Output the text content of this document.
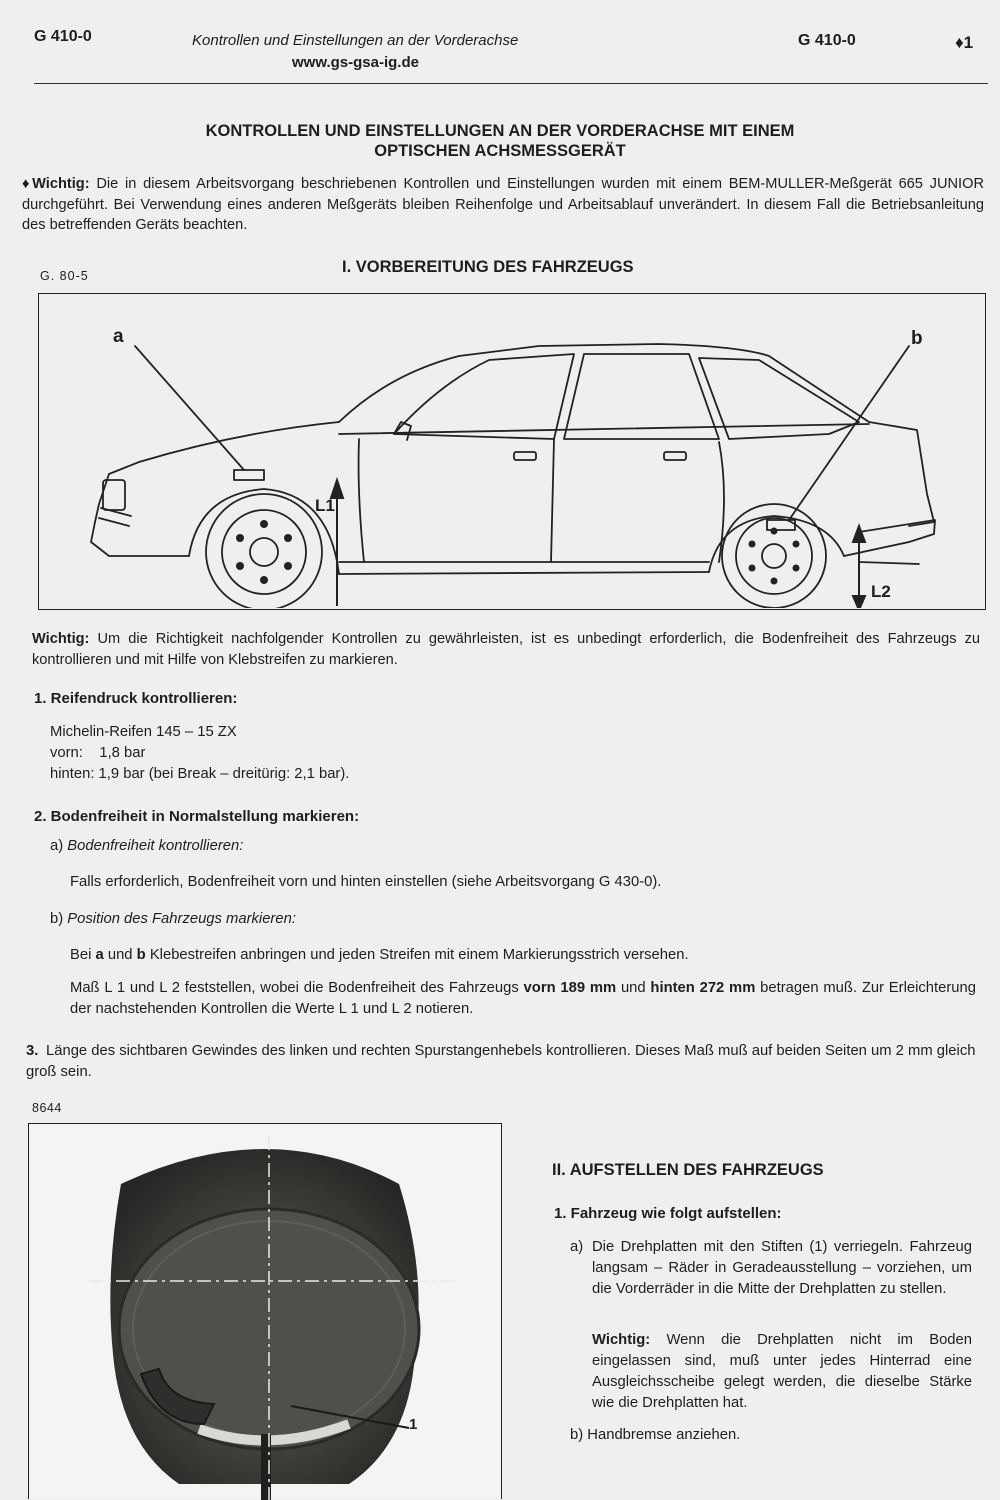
G 410-0	Kontrollen und Einstellungen an der Vorderachse	G 410-0	♦1
www.gs-gsa-ig.de
KONTROLLEN UND EINSTELLUNGEN AN DER VORDERACHSE MIT EINEM
OPTISCHEN ACHSMESSGERÄT
♦Wichtig: Die in diesem Arbeitsvorgang beschriebenen Kontrollen und Einstellungen wurden mit einem BEM-MULLER-Meßgerät 665 JUNIOR durchgeführt. Bei Verwendung eines anderen Meßgeräts bleiben Reihenfolge und Arbeitsablauf unverändert. In diesem Fall die Betriebsanleitung des betreffenden Geräts beachten.
G. 80-5	I. VORBEREITUNG DES FAHRZEUGS
a	b
L1
L2
Wichtig: Um die Richtigkeit nachfolgender Kontrollen zu gewährleisten, ist es unbedingt erforderlich, die Bodenfreiheit des Fahrzeugs zu kontrollieren und mit Hilfe von Klebstreifen zu markieren.
1. Reifendruck kontrollieren:
Michelin-Reifen 145 – 15 ZX
vorn:    1,8 bar
hinten: 1,9 bar (bei Break – dreitürig: 2,1 bar).
2. Bodenfreiheit in Normalstellung markieren:
a) Bodenfreiheit kontrollieren:
Falls erforderlich, Bodenfreiheit vorn und hinten einstellen (siehe Arbeitsvorgang G 430-0).
b) Position des Fahrzeugs markieren:
Bei a und b Klebestreifen anbringen und jeden Streifen mit einem Markierungsstrich versehen.
Maß L 1 und L 2 feststellen, wobei die Bodenfreiheit des Fahrzeugs vorn 189 mm und hinten 272 mm betragen muß. Zur Erleichterung der nachstehenden Kontrollen die Werte L 1 und L 2 notieren.
3. Länge des sichtbaren Gewindes des linken und rechten Spurstangenhebels kontrollieren. Dieses Maß muß auf beiden Seiten um 2 mm gleich groß sein.
8644
1
II. AUFSTELLEN DES FAHRZEUGS
1. Fahrzeug wie folgt aufstellen:
a) Die Drehplatten mit den Stiften (1) verriegeln. Fahrzeug langsam – Räder in Geradeausstellung – vorziehen, um die Vorderräder in die Mitte der Drehplatten zu stellen.
Wichtig: Wenn die Drehplatten nicht im Boden eingelassen sind, muß unter jedes Hinterrad eine Ausgleichsscheibe gelegt werden, die dieselbe Stärke wie die Drehplatten hat.
b) Handbremse anziehen.
